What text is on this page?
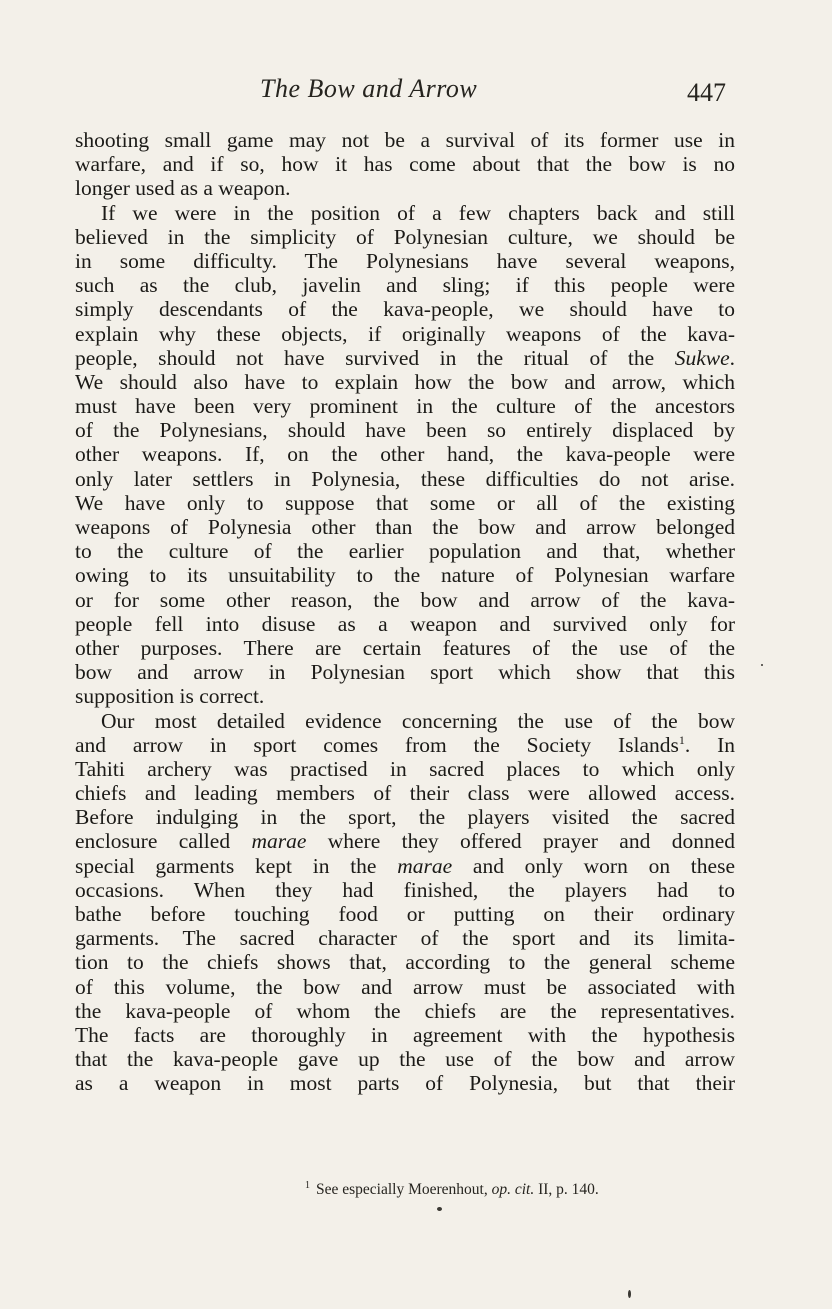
The Bow and Arrow	447
shooting small game may not be a survival of its former use in
warfare, and if so, how it has come about that the bow is no
longer used as a weapon.
If we were in the position of a few chapters back and still
believed in the simplicity of Polynesian culture, we should be
in some difficulty. The Polynesians have several weapons,
such as the club, javelin and sling; if this people were
simply descendants of the kava-people, we should have to
explain why these objects, if originally weapons of the kava-
people, should not have survived in the ritual of the Sukwe.
We should also have to explain how the bow and arrow, which
must have been very prominent in the culture of the ancestors
of the Polynesians, should have been so entirely displaced by
other weapons. If, on the other hand, the kava-people were
only later settlers in Polynesia, these difficulties do not arise.
We have only to suppose that some or all of the existing
weapons of Polynesia other than the bow and arrow belonged
to the culture of the earlier population and that, whether
owing to its unsuitability to the nature of Polynesian warfare
or for some other reason, the bow and arrow of the kava-
people fell into disuse as a weapon and survived only for
other purposes. There are certain features of the use of the
bow and arrow in Polynesian sport which show that this
supposition is correct.
Our most detailed evidence concerning the use of the bow
and arrow in sport comes from the Society Islands$^1$. In
Tahiti archery was practised in sacred places to which only
chiefs and leading members of their class were allowed access.
Before indulging in the sport, the players visited the sacred
enclosure called marae where they offered prayer and donned
special garments kept in the marae and only worn on these
occasions. When they had finished, the players had to
bathe before touching food or putting on their ordinary
garments. The sacred character of the sport and its limita-
tion to the chiefs shows that, according to the general scheme
of this volume, the bow and arrow must be associated with
the kava-people of whom the chiefs are the representatives.
The facts are thoroughly in agreement with the hypothesis
that the kava-people gave up the use of the bow and arrow
as a weapon in most parts of Polynesia, but that their
$^1$ See especially Moerenhout, op. cit. II, p. 140.
